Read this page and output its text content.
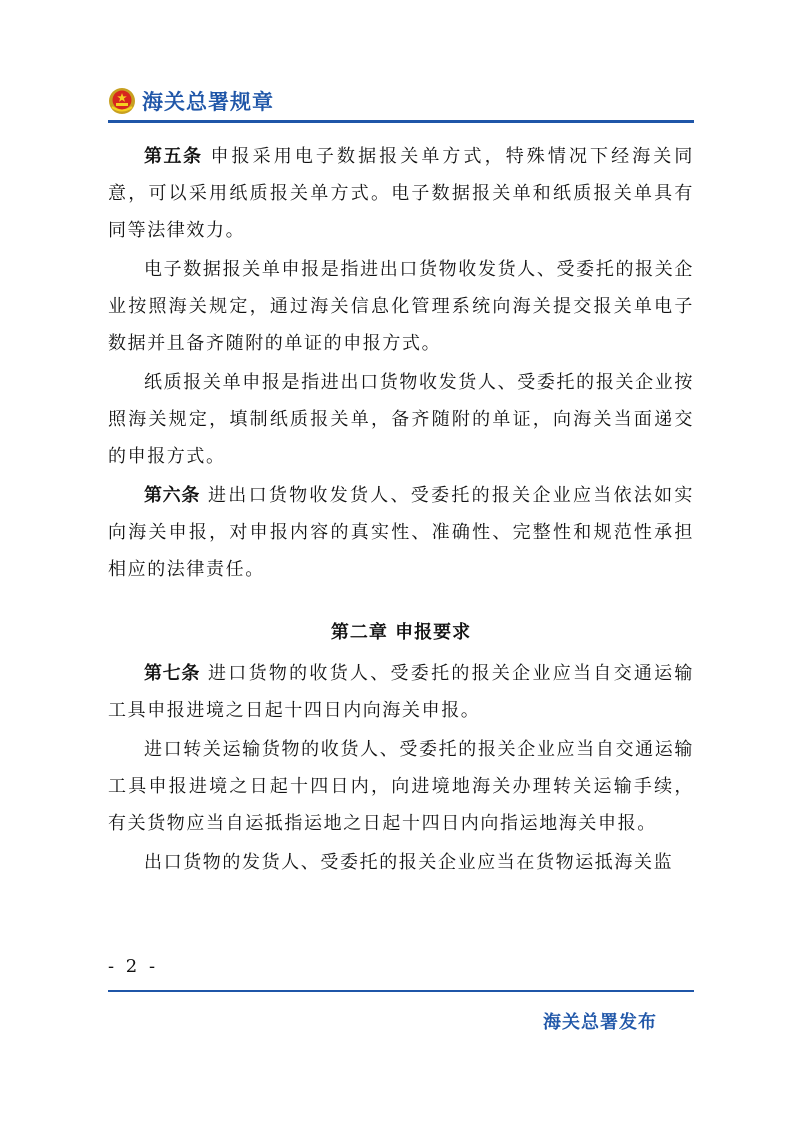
海关总署规章

第五条 申报采用电子数据报关单方式，特殊情况下经海关同意，可以采用纸质报关单方式。电子数据报关单和纸质报关单具有同等法律效力。

电子数据报关单申报是指进出口货物收发货人、受委托的报关企业按照海关规定，通过海关信息化管理系统向海关提交报关单电子数据并且备齐随附的单证的申报方式。

纸质报关单申报是指进出口货物收发货人、受委托的报关企业按照海关规定，填制纸质报关单，备齐随附的单证，向海关当面递交的申报方式。

第六条 进出口货物收发货人、受委托的报关企业应当依法如实向海关申报，对申报内容的真实性、准确性、完整性和规范性承担相应的法律责任。

第二章 申报要求

第七条 进口货物的收货人、受委托的报关企业应当自交通运输工具申报进境之日起十四日内向海关申报。

进口转关运输货物的收货人、受委托的报关企业应当自交通运输工具申报进境之日起十四日内，向进境地海关办理转关运输手续，有关货物应当自运抵指运地之日起十四日内向指运地海关申报。

出口货物的发货人、受委托的报关企业应当在货物运抵海关监

- 2 -
海关总署发布
